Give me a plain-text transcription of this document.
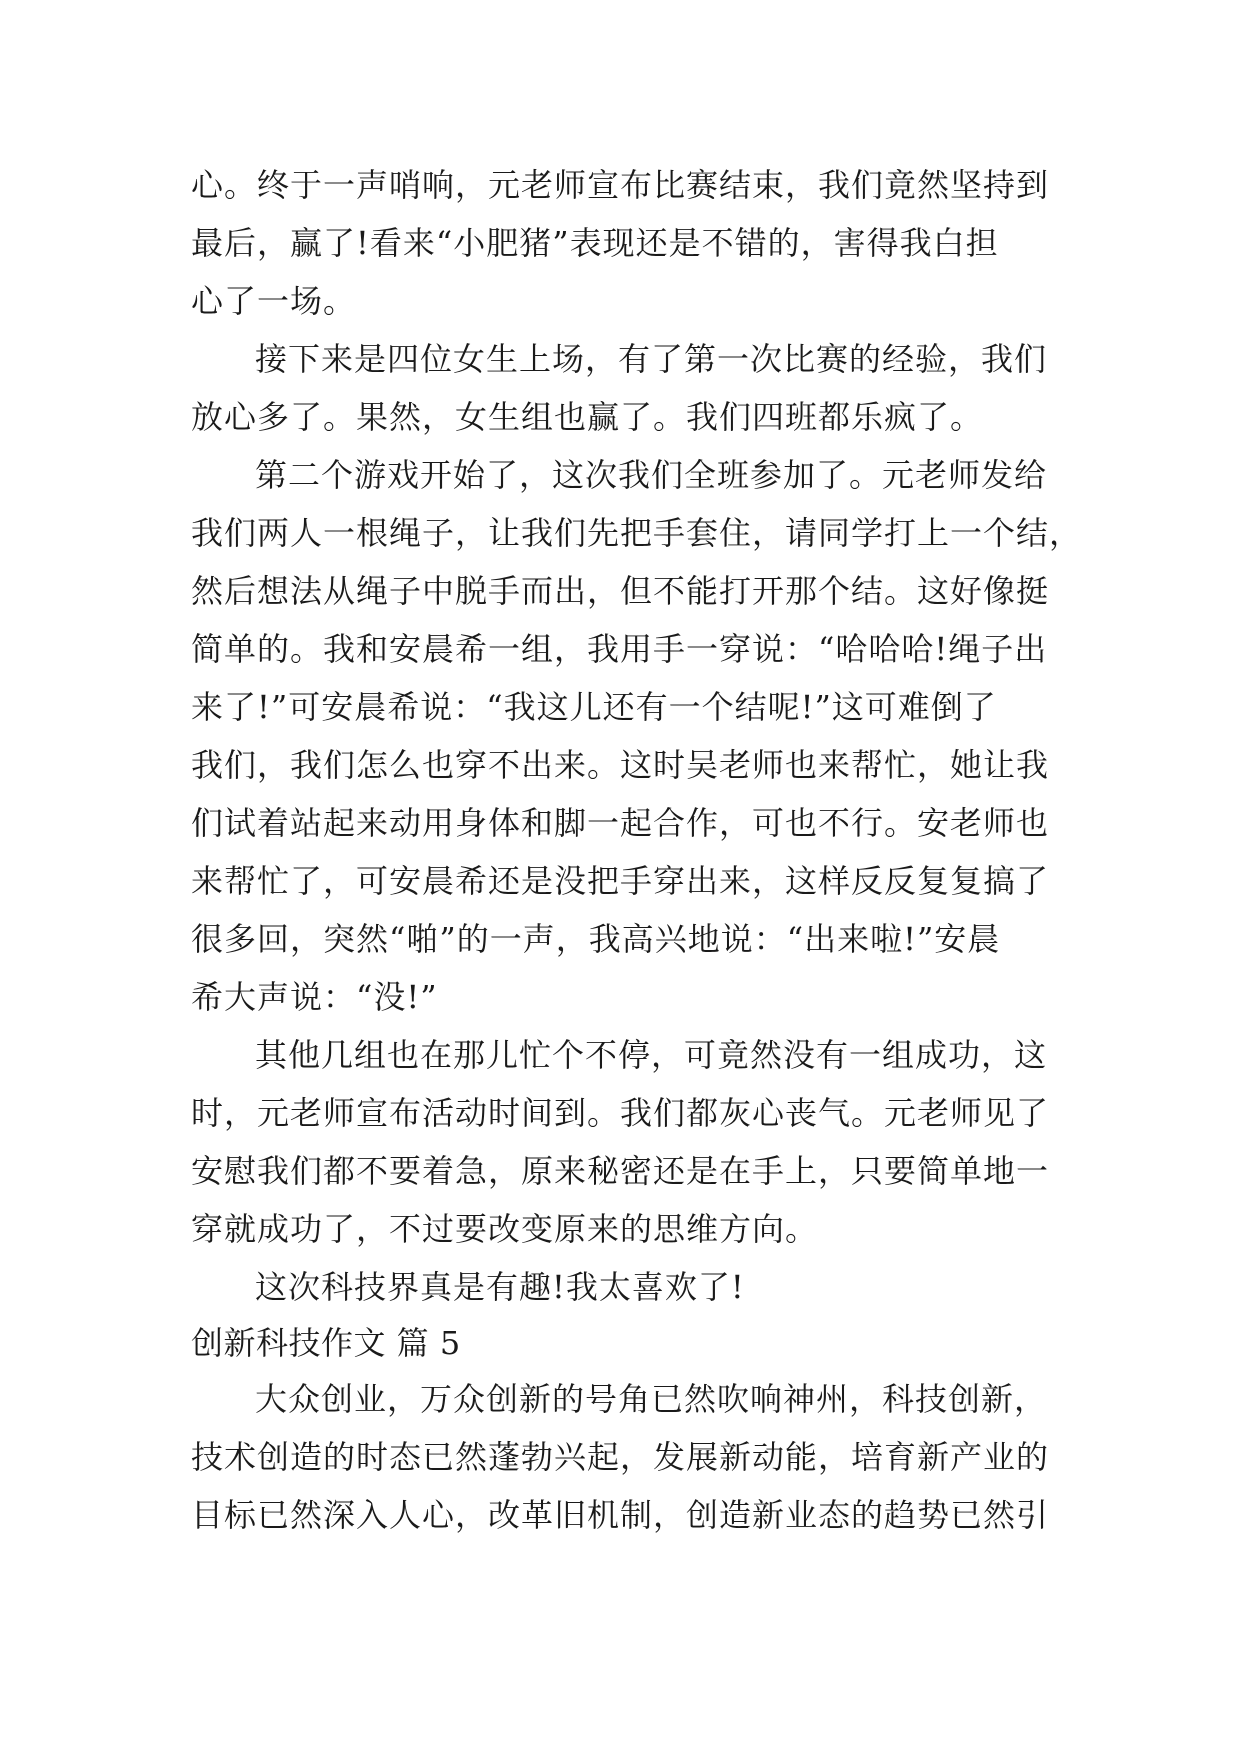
心。终于一声哨响，元老师宣布比赛结束，我们竟然坚持到
最后，赢了!看来“小肥猪”表现还是不错的，害得我白担
心了一场。
接下来是四位女生上场，有了第一次比赛的经验，我们
放心多了。果然，女生组也赢了。我们四班都乐疯了。
第二个游戏开始了，这次我们全班参加了。元老师发给
我们两人一根绳子，让我们先把手套住，请同学打上一个结，
然后想法从绳子中脱手而出，但不能打开那个结。这好像挺
简单的。我和安晨希一组，我用手一穿说：“哈哈哈!绳子出
来了!”可安晨希说：“我这儿还有一个结呢!”这可难倒了
我们，我们怎么也穿不出来。这时吴老师也来帮忙，她让我
们试着站起来动用身体和脚一起合作，可也不行。安老师也
来帮忙了，可安晨希还是没把手穿出来，这样反反复复搞了
很多回，突然“啪”的一声，我高兴地说：“出来啦!”安晨
希大声说：“没!”
其他几组也在那儿忙个不停，可竟然没有一组成功，这
时，元老师宣布活动时间到。我们都灰心丧气。元老师见了
安慰我们都不要着急，原来秘密还是在手上，只要简单地一
穿就成功了，不过要改变原来的思维方向。
这次科技界真是有趣!我太喜欢了!
创新科技作文 篇 5
大众创业，万众创新的号角已然吹响神州，科技创新，
技术创造的时态已然蓬勃兴起，发展新动能，培育新产业的
目标已然深入人心，改革旧机制，创造新业态的趋势已然引
